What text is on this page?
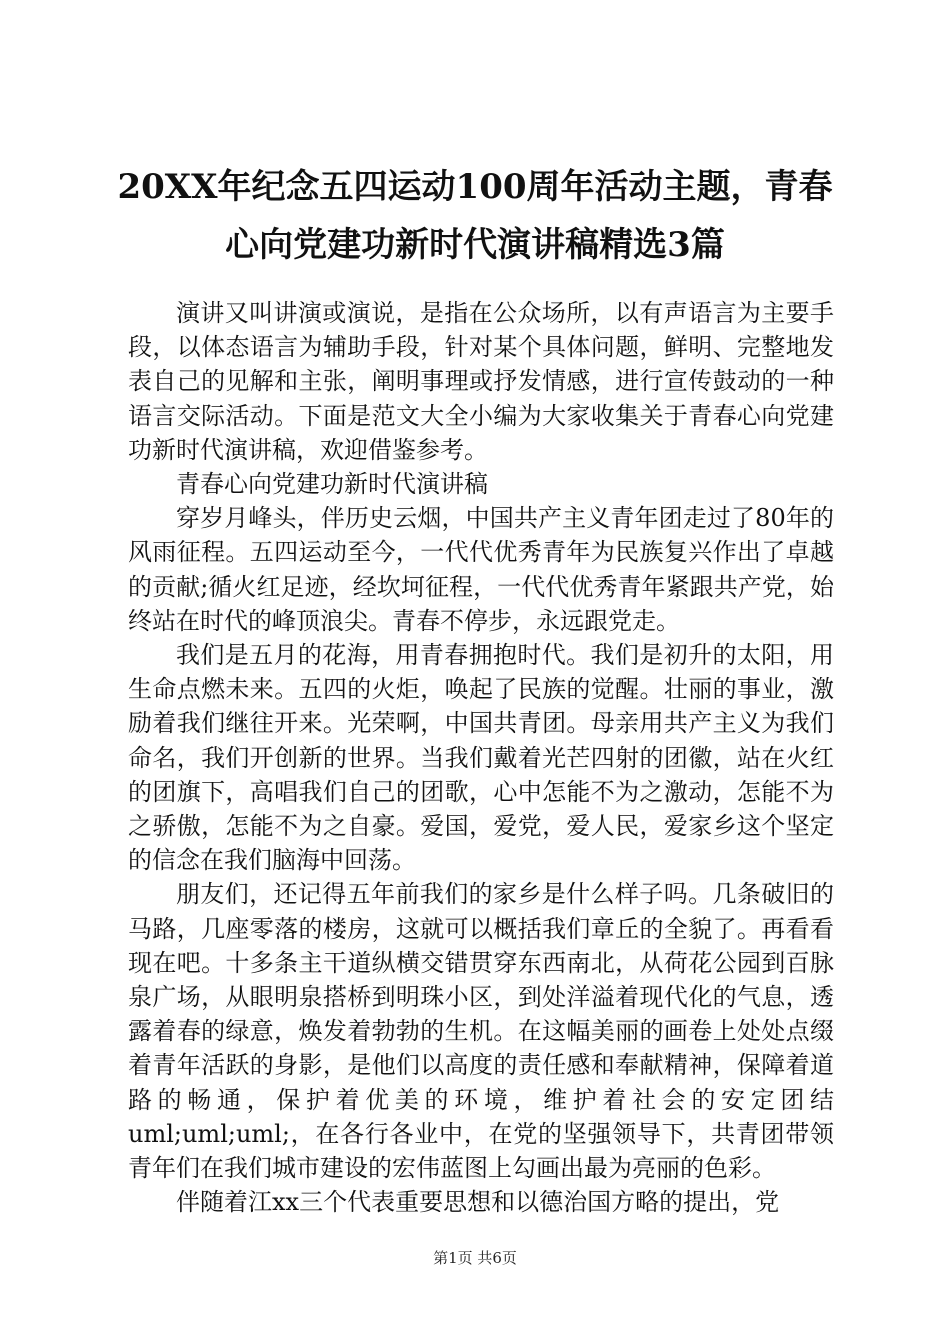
20XX年纪念五四运动100周年活动主题，青春心向党建功新时代演讲稿精选3篇

演讲又叫讲演或演说，是指在公众场所，以有声语言为主要手段，以体态语言为辅助手段，针对某个具体问题，鲜明、完整地发表自己的见解和主张，阐明事理或抒发情感，进行宣传鼓动的一种语言交际活动。下面是范文大全小编为大家收集关于青春心向党建功新时代演讲稿，欢迎借鉴参考。

青春心向党建功新时代演讲稿

穿岁月峰头，伴历史云烟，中国共产主义青年团走过了80年的风雨征程。五四运动至今，一代代优秀青年为民族复兴作出了卓越的贡献;循火红足迹，经坎坷征程，一代代优秀青年紧跟共产党，始终站在时代的峰顶浪尖。青春不停步，永远跟党走。

我们是五月的花海，用青春拥抱时代。我们是初升的太阳，用生命点燃未来。五四的火炬，唤起了民族的觉醒。壮丽的事业，激励着我们继往开来。光荣啊，中国共青团。母亲用共产主义为我们命名，我们开创新的世界。当我们戴着光芒四射的团徽，站在火红的团旗下，高唱我们自己的团歌，心中怎能不为之激动，怎能不为之骄傲，怎能不为之自豪。爱国，爱党，爱人民，爱家乡这个坚定的信念在我们脑海中回荡。

朋友们，还记得五年前我们的家乡是什么样子吗。几条破旧的马路，几座零落的楼房，这就可以概括我们章丘的全貌了。再看看现在吧。十多条主干道纵横交错贯穿东西南北，从荷花公园到百脉泉广场，从眼明泉搭桥到明珠小区，到处洋溢着现代化的气息，透露着春的绿意，焕发着勃勃的生机。在这幅美丽的画卷上处处点缀着青年活跃的身影，是他们以高度的责任感和奉献精神，保障着道路的畅通，保护着优美的环境，维护着社会的安定团结uml;uml;uml;，在各行各业中，在党的坚强领导下，共青团带领青年们在我们城市建设的宏伟蓝图上勾画出最为亮丽的色彩。

伴随着江xx三个代表重要思想和以德治国方略的提出，党

第1页 共6页
